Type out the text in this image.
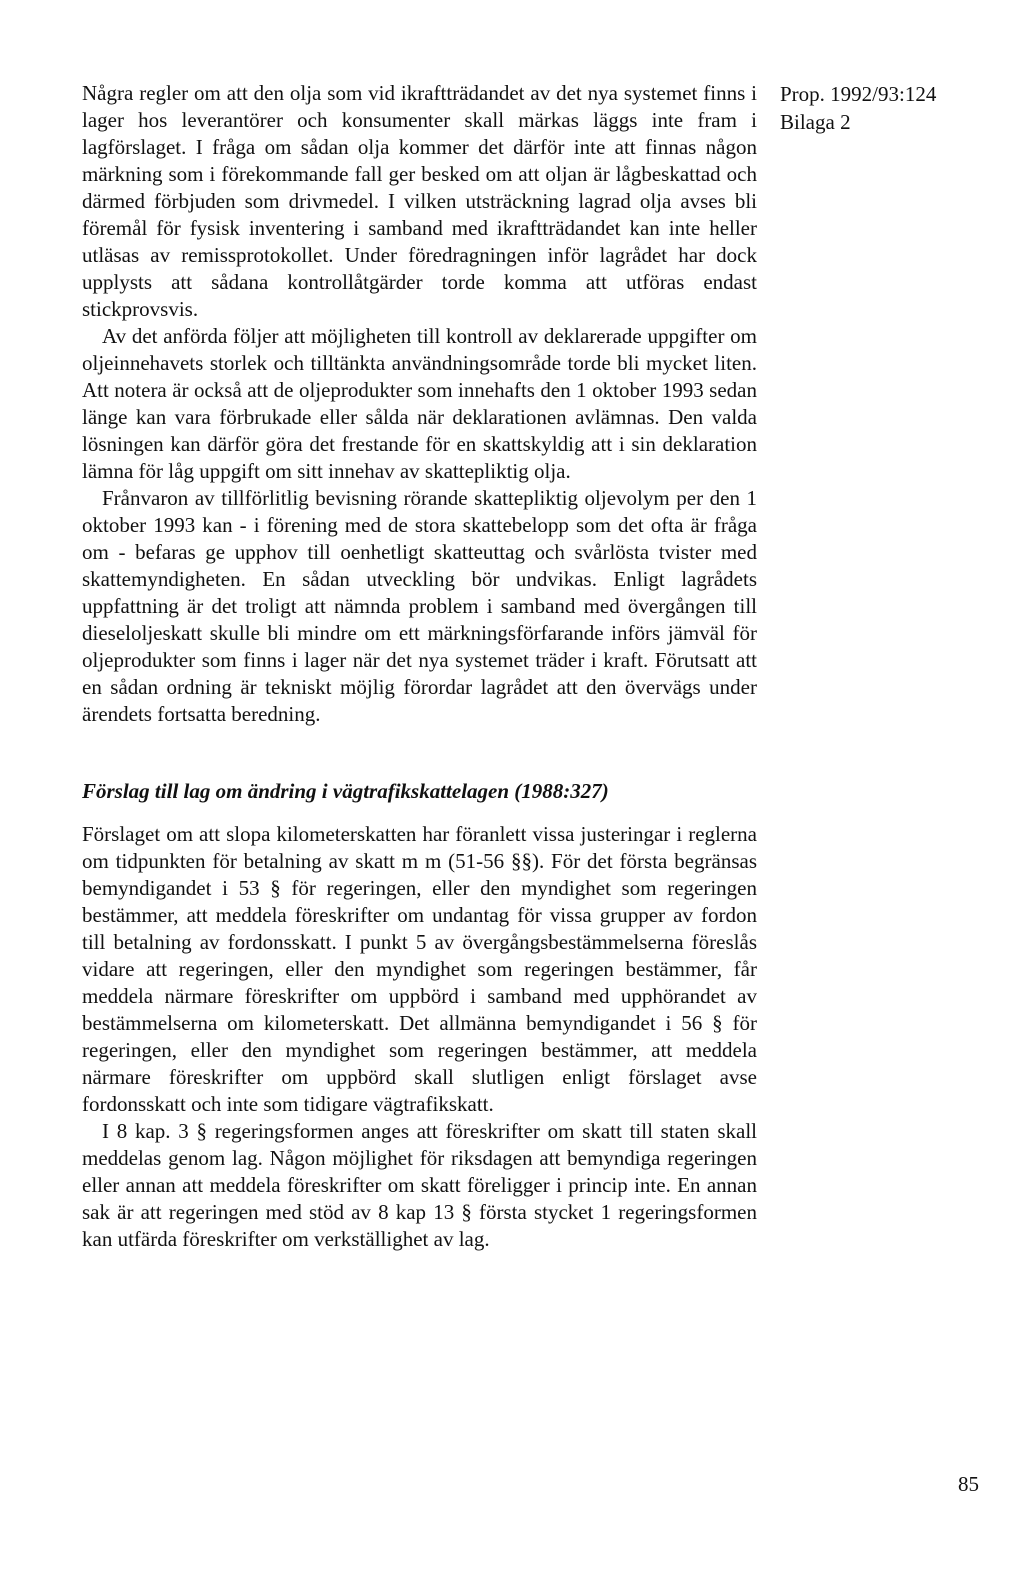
Prop. 1992/93:124
Bilaga 2

Några regler om att den olja som vid ikraftträdandet av det nya systemet finns i lager hos leverantörer och konsumenter skall märkas läggs inte fram i lagförslaget. I fråga om sådan olja kommer det därför inte att finnas någon märkning som i förekommande fall ger besked om att oljan är lågbeskattad och därmed förbjuden som drivmedel. I vilken utsträckning lagrad olja avses bli föremål för fysisk inventering i samband med ikraftträdandet kan inte heller utläsas av remissprotokollet. Under föredragningen inför lagrådet har dock upplysts att sådana kontrollåtgärder torde komma att utföras endast stickprovsvis.

Av det anförda följer att möjligheten till kontroll av deklarerade uppgifter om oljeinnehavets storlek och tilltänkta användningsområde torde bli mycket liten. Att notera är också att de oljeprodukter som innehafts den 1 oktober 1993 sedan länge kan vara förbrukade eller sålda när deklarationen avlämnas. Den valda lösningen kan därför göra det frestande för en skattskyldig att i sin deklaration lämna för låg uppgift om sitt innehav av skattepliktig olja.

Frånvaron av tillförlitlig bevisning rörande skattepliktig oljevolym per den 1 oktober 1993 kan - i förening med de stora skattebelopp som det ofta är fråga om - befaras ge upphov till oenhetligt skatteuttag och svårlösta tvister med skattemyndigheten. En sådan utveckling bör undvikas. Enligt lagrådets uppfattning är det troligt att nämnda problem i samband med övergången till dieseloljeskatt skulle bli mindre om ett märkningsförfarande införs jämväl för oljeprodukter som finns i lager när det nya systemet träder i kraft. Förutsatt att en sådan ordning är tekniskt möjlig förordar lagrådet att den övervägs under ärendets fortsatta beredning.

Förslag till lag om ändring i vägtrafikskattelagen (1988:327)

Förslaget om att slopa kilometerskatten har föranlett vissa justeringar i reglerna om tidpunkten för betalning av skatt m m (51-56 §§). För det första begränsas bemyndigandet i 53 § för regeringen, eller den myndighet som regeringen bestämmer, att meddela föreskrifter om undantag för vissa grupper av fordon till betalning av fordonsskatt. I punkt 5 av övergångsbestämmelserna föreslås vidare att regeringen, eller den myndighet som regeringen bestämmer, får meddela närmare föreskrifter om uppbörd i samband med upphörandet av bestämmelserna om kilometerskatt. Det allmänna bemyndigandet i 56 § för regeringen, eller den myndighet som regeringen bestämmer, att meddela närmare föreskrifter om uppbörd skall slutligen enligt förslaget avse fordonsskatt och inte som tidigare vägtrafikskatt.

I 8 kap. 3 § regeringsformen anges att föreskrifter om skatt till staten skall meddelas genom lag. Någon möjlighet för riksdagen att bemyndiga regeringen eller annan att meddela föreskrifter om skatt föreligger i princip inte. En annan sak är att regeringen med stöd av 8 kap 13 § första stycket 1 regeringsformen kan utfärda föreskrifter om verkställighet av lag.

85
